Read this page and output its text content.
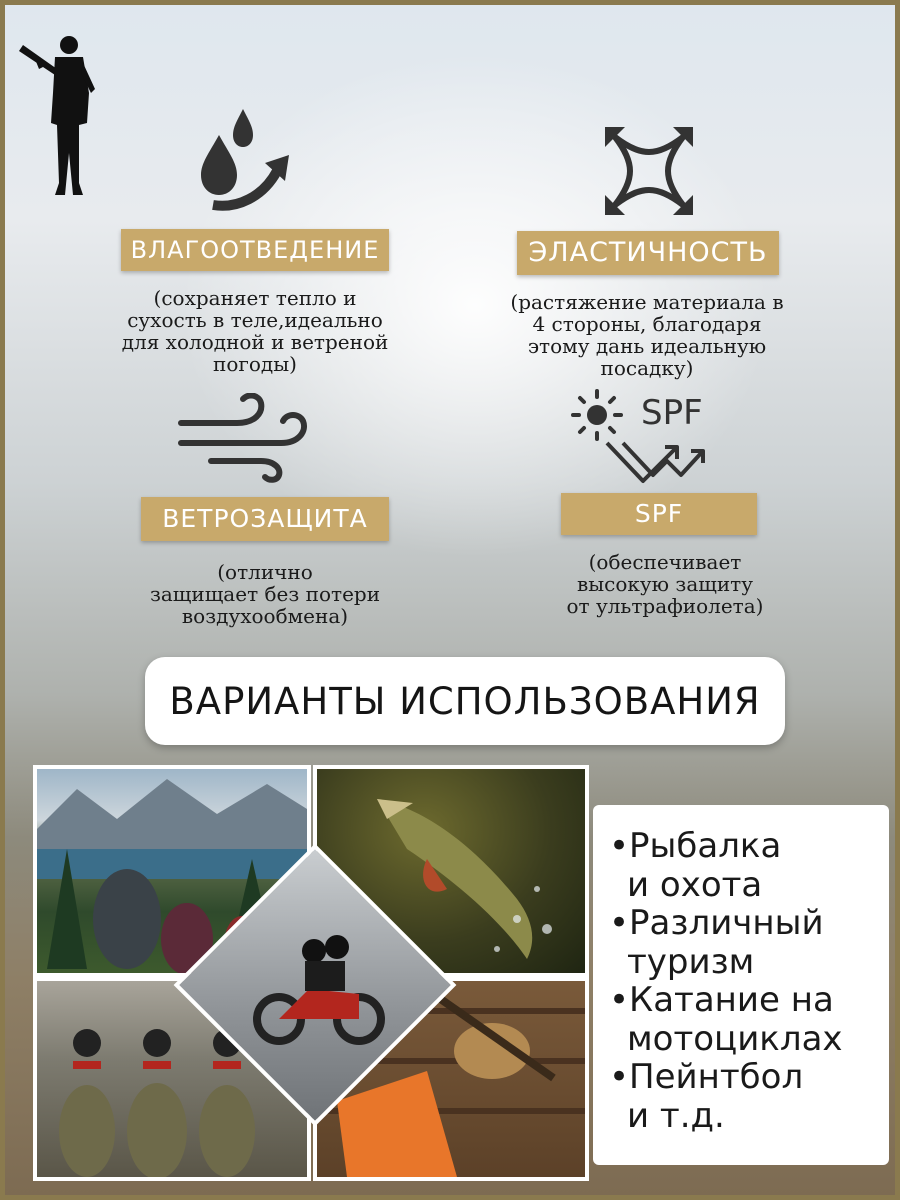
ВЛАГООТВЕДЕНИЕ
(сохраняет тепло и
сухость в теле,идеально
для холодной и ветреной
погоды)
ЭЛАСТИЧНОСТЬ
(растяжение материала в
4 стороны, благодаря
этому дань идеальную
посадку)
ВЕТРОЗАЩИТА
(отлично
защищает без потери
воздухообмена)
SPF
SPF
(обеспечивает
высокую защиту
от ультрафиолета)
ВАРИАНТЫ ИСПОЛЬЗОВАНИЯ
•Рыбалка
и охота
•Различный
туризм
•Катание на
мотоциклах
•Пейнтбол
и т.д.
